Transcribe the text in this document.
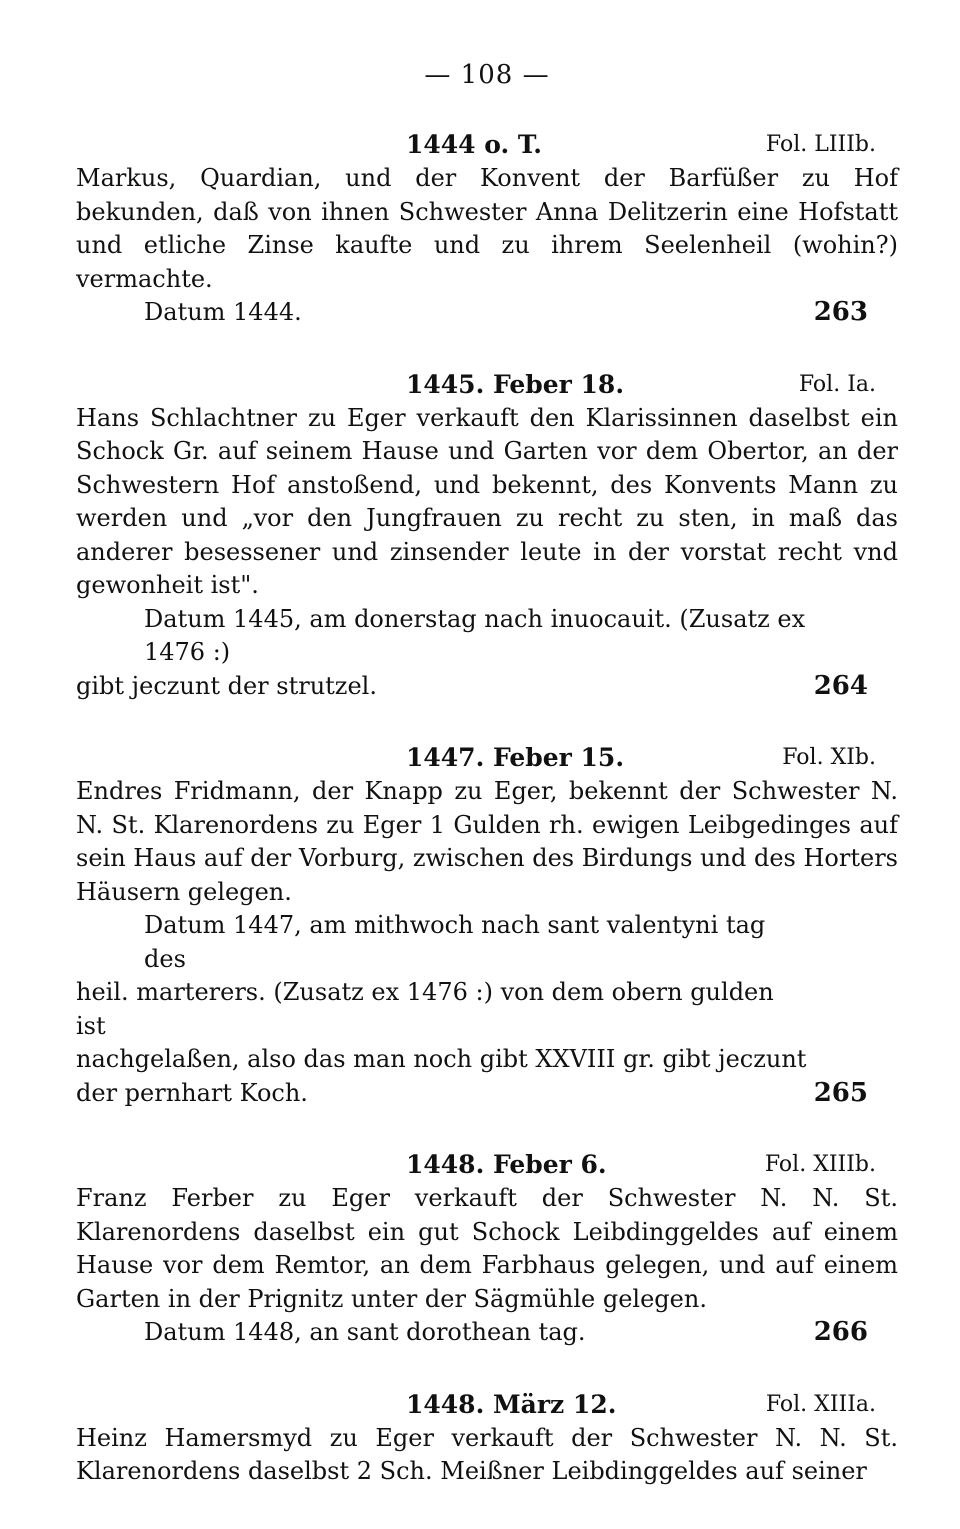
— 108 —
1444 o. T.	Fol. LIIIb.
Markus, Quardian, und der Konvent der Barfüßer zu Hof bekunden, daß von ihnen Schwester Anna Delitzerin eine Hofstatt und etliche Zinse kaufte und zu ihrem Seelenheil (wohin?) vermachte.
Datum 1444.	263
1445. Feber 18.	Fol. Ia.
Hans Schlachtner zu Eger verkauft den Klarissinnen daselbst ein Schock Gr. auf seinem Hause und Garten vor dem Obertor, an der Schwestern Hof anstoßend, und bekennt, des Konvents Mann zu werden und „vor den Jungfrauen zu recht zu sten, in maß das anderer besessener und zinsender leute in der vorstat recht vnd gewonheit ist".
Datum 1445, am donerstag nach inuocauit. (Zusatz ex 1476 :)
gibt jeczunt der strutzel.	264
1447. Feber 15.	Fol. XIb.
Endres Fridmann, der Knapp zu Eger, bekennt der Schwester N. N. St. Klarenordens zu Eger 1 Gulden rh. ewigen Leibgedinges auf sein Haus auf der Vorburg, zwischen des Birdungs und des Horters Häusern gelegen.
Datum 1447, am mithwoch nach sant valentyni tag des
heil. marterers. (Zusatz ex 1476 :) von dem obern gulden ist
nachgelaßen, also das man noch gibt XXVIII gr. gibt jeczunt
der pernhart Koch.	265
1448. Feber 6.	Fol. XIIIb.
Franz Ferber zu Eger verkauft der Schwester N. N. St. Klarenordens daselbst ein gut Schock Leibdinggeldes auf einem Hause vor dem Remtor, an dem Farbhaus gelegen, und auf einem Garten in der Prignitz unter der Sägmühle gelegen.
Datum 1448, an sant dorothean tag.	266
1448. März 12.	Fol. XIIIa.
Heinz Hamersmyd zu Eger verkauft der Schwester N. N. St. Klarenordens daselbst 2 Sch. Meißner Leibdinggeldes auf seiner
